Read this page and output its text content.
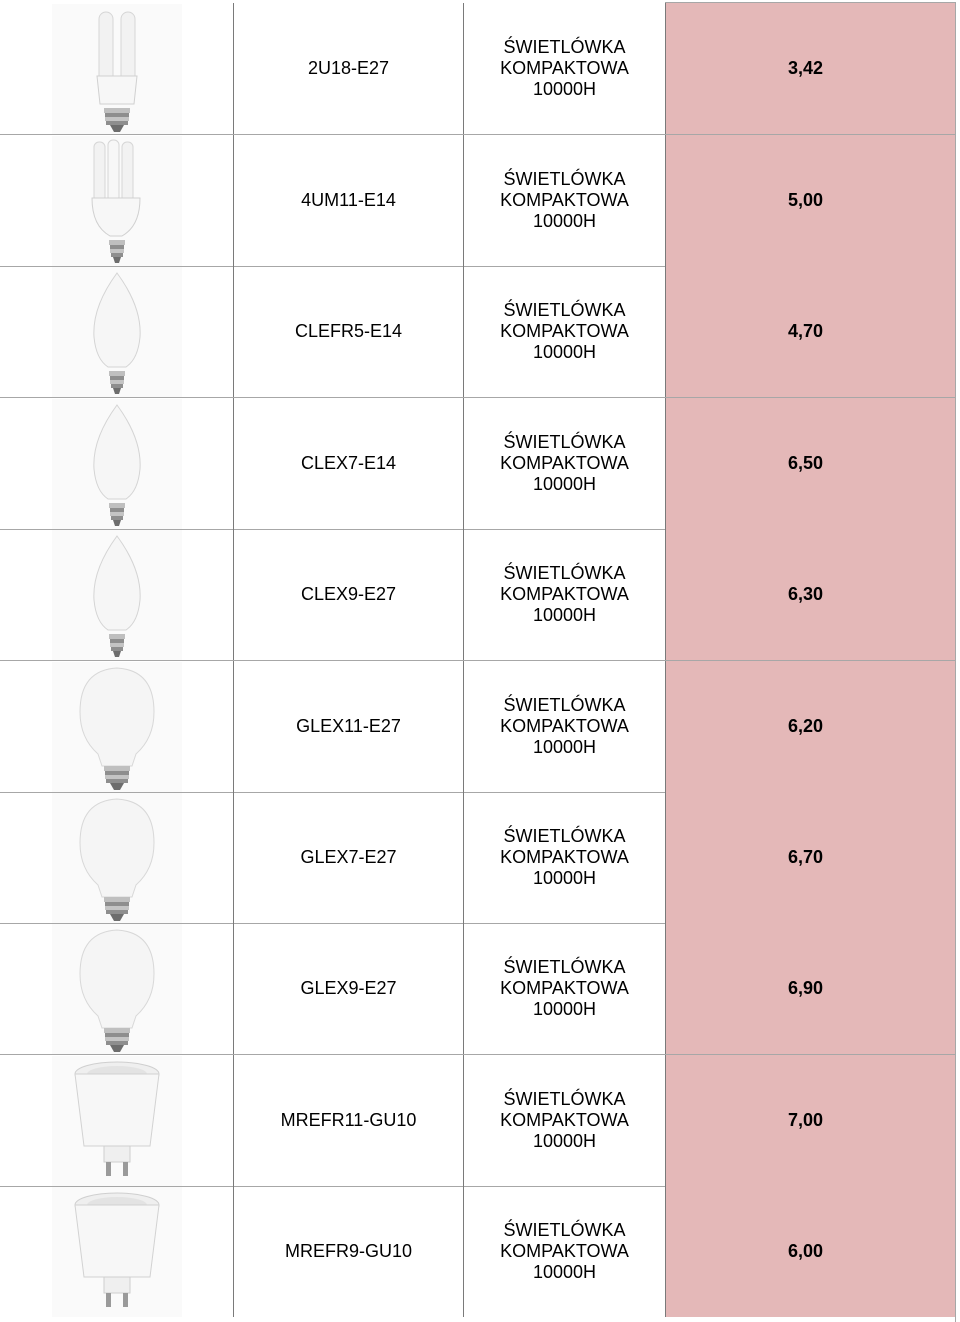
2U18-E27
ŚWIETLÓWKA
KOMPAKTOWA
10000H
3,42
4UM11-E14
ŚWIETLÓWKA
KOMPAKTOWA
10000H
5,00
CLEFR5-E14
ŚWIETLÓWKA
KOMPAKTOWA
10000H
4,70
CLEX7-E14
ŚWIETLÓWKA
KOMPAKTOWA
10000H
6,50
CLEX9-E27
ŚWIETLÓWKA
KOMPAKTOWA
10000H
6,30
GLEX11-E27
ŚWIETLÓWKA
KOMPAKTOWA
10000H
6,20
GLEX7-E27
ŚWIETLÓWKA
KOMPAKTOWA
10000H
6,70
GLEX9-E27
ŚWIETLÓWKA
KOMPAKTOWA
10000H
6,90
MREFR11-GU10
ŚWIETLÓWKA
KOMPAKTOWA
10000H
7,00
MREFR9-GU10
ŚWIETLÓWKA
KOMPAKTOWA
10000H
6,00
